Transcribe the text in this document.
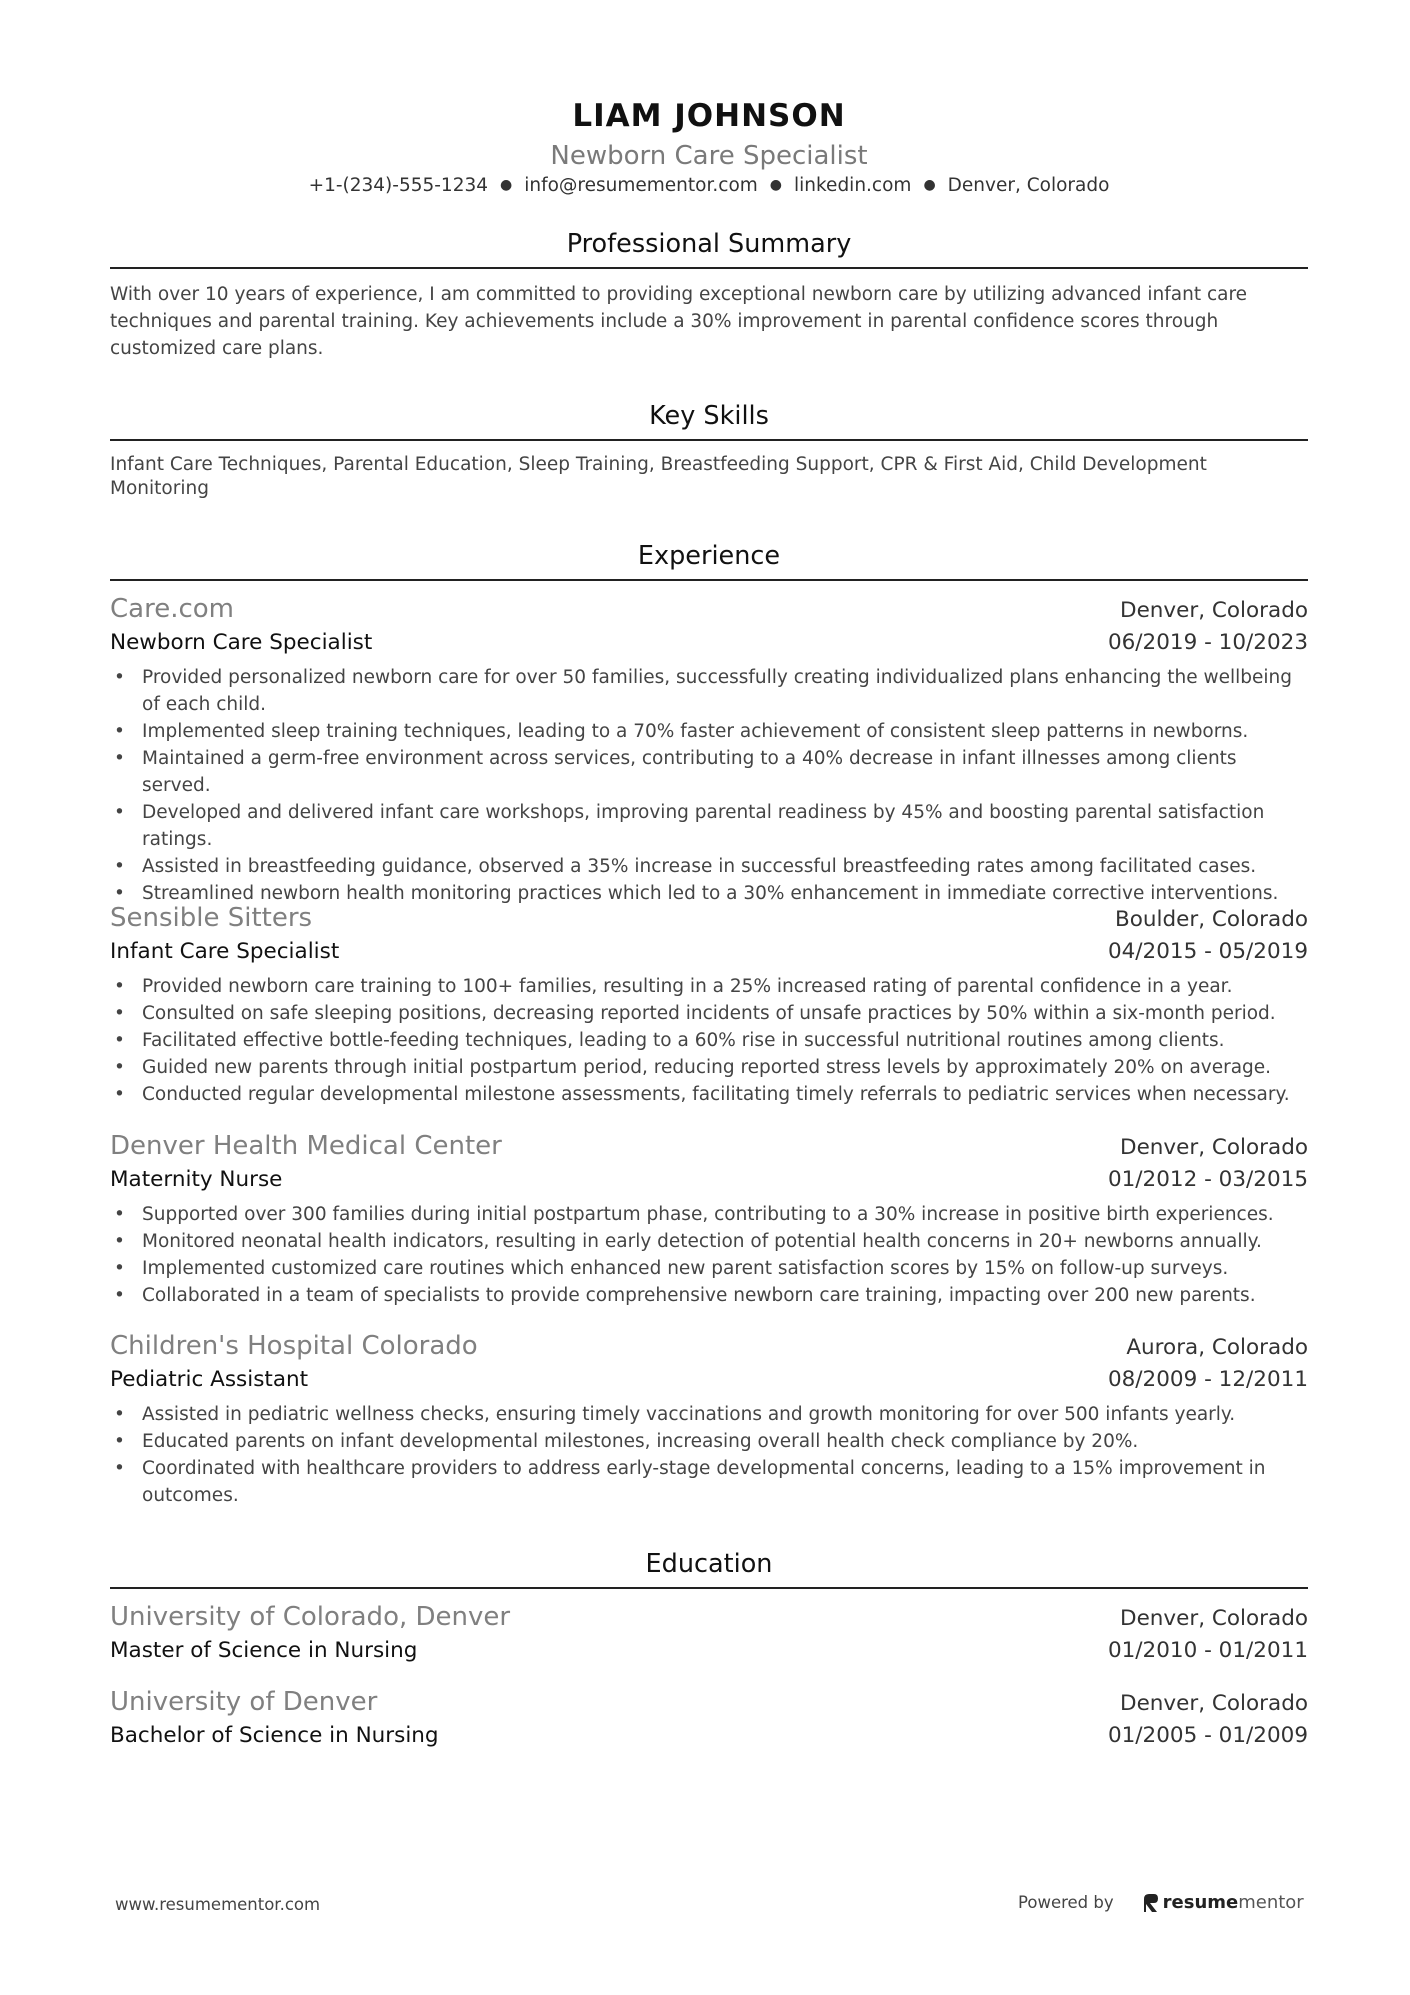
LIAM JOHNSON
Newborn Care Specialist
+1-(234)-555-1234 ● info@resumementor.com ● linkedin.com ● Denver, Colorado
Professional Summary
With over 10 years of experience, I am committed to providing exceptional newborn care by utilizing advanced infant care techniques and parental training. Key achievements include a 30% improvement in parental confidence scores through customized care plans.
Key Skills
Infant Care Techniques, Parental Education, Sleep Training, Breastfeeding Support, CPR & First Aid, Child Development Monitoring
Experience
Care.com	Denver, Colorado
Newborn Care Specialist	06/2019 - 10/2023
• Provided personalized newborn care for over 50 families, successfully creating individualized plans enhancing the wellbeing of each child.
• Implemented sleep training techniques, leading to a 70% faster achievement of consistent sleep patterns in newborns.
• Maintained a germ-free environment across services, contributing to a 40% decrease in infant illnesses among clients served.
• Developed and delivered infant care workshops, improving parental readiness by 45% and boosting parental satisfaction ratings.
• Assisted in breastfeeding guidance, observed a 35% increase in successful breastfeeding rates among facilitated cases.
• Streamlined newborn health monitoring practices which led to a 30% enhancement in immediate corrective interventions.
Sensible Sitters	Boulder, Colorado
Infant Care Specialist	04/2015 - 05/2019
• Provided newborn care training to 100+ families, resulting in a 25% increased rating of parental confidence in a year.
• Consulted on safe sleeping positions, decreasing reported incidents of unsafe practices by 50% within a six-month period.
• Facilitated effective bottle-feeding techniques, leading to a 60% rise in successful nutritional routines among clients.
• Guided new parents through initial postpartum period, reducing reported stress levels by approximately 20% on average.
• Conducted regular developmental milestone assessments, facilitating timely referrals to pediatric services when necessary.
Denver Health Medical Center	Denver, Colorado
Maternity Nurse	01/2012 - 03/2015
• Supported over 300 families during initial postpartum phase, contributing to a 30% increase in positive birth experiences.
• Monitored neonatal health indicators, resulting in early detection of potential health concerns in 20+ newborns annually.
• Implemented customized care routines which enhanced new parent satisfaction scores by 15% on follow-up surveys.
• Collaborated in a team of specialists to provide comprehensive newborn care training, impacting over 200 new parents.
Children's Hospital Colorado	Aurora, Colorado
Pediatric Assistant	08/2009 - 12/2011
• Assisted in pediatric wellness checks, ensuring timely vaccinations and growth monitoring for over 500 infants yearly.
• Educated parents on infant developmental milestones, increasing overall health check compliance by 20%.
• Coordinated with healthcare providers to address early-stage developmental concerns, leading to a 15% improvement in outcomes.
Education
University of Colorado, Denver	Denver, Colorado
Master of Science in Nursing	01/2010 - 01/2011
University of Denver	Denver, Colorado
Bachelor of Science in Nursing	01/2005 - 01/2009
www.resumementor.com	Powered by	resume mentor
